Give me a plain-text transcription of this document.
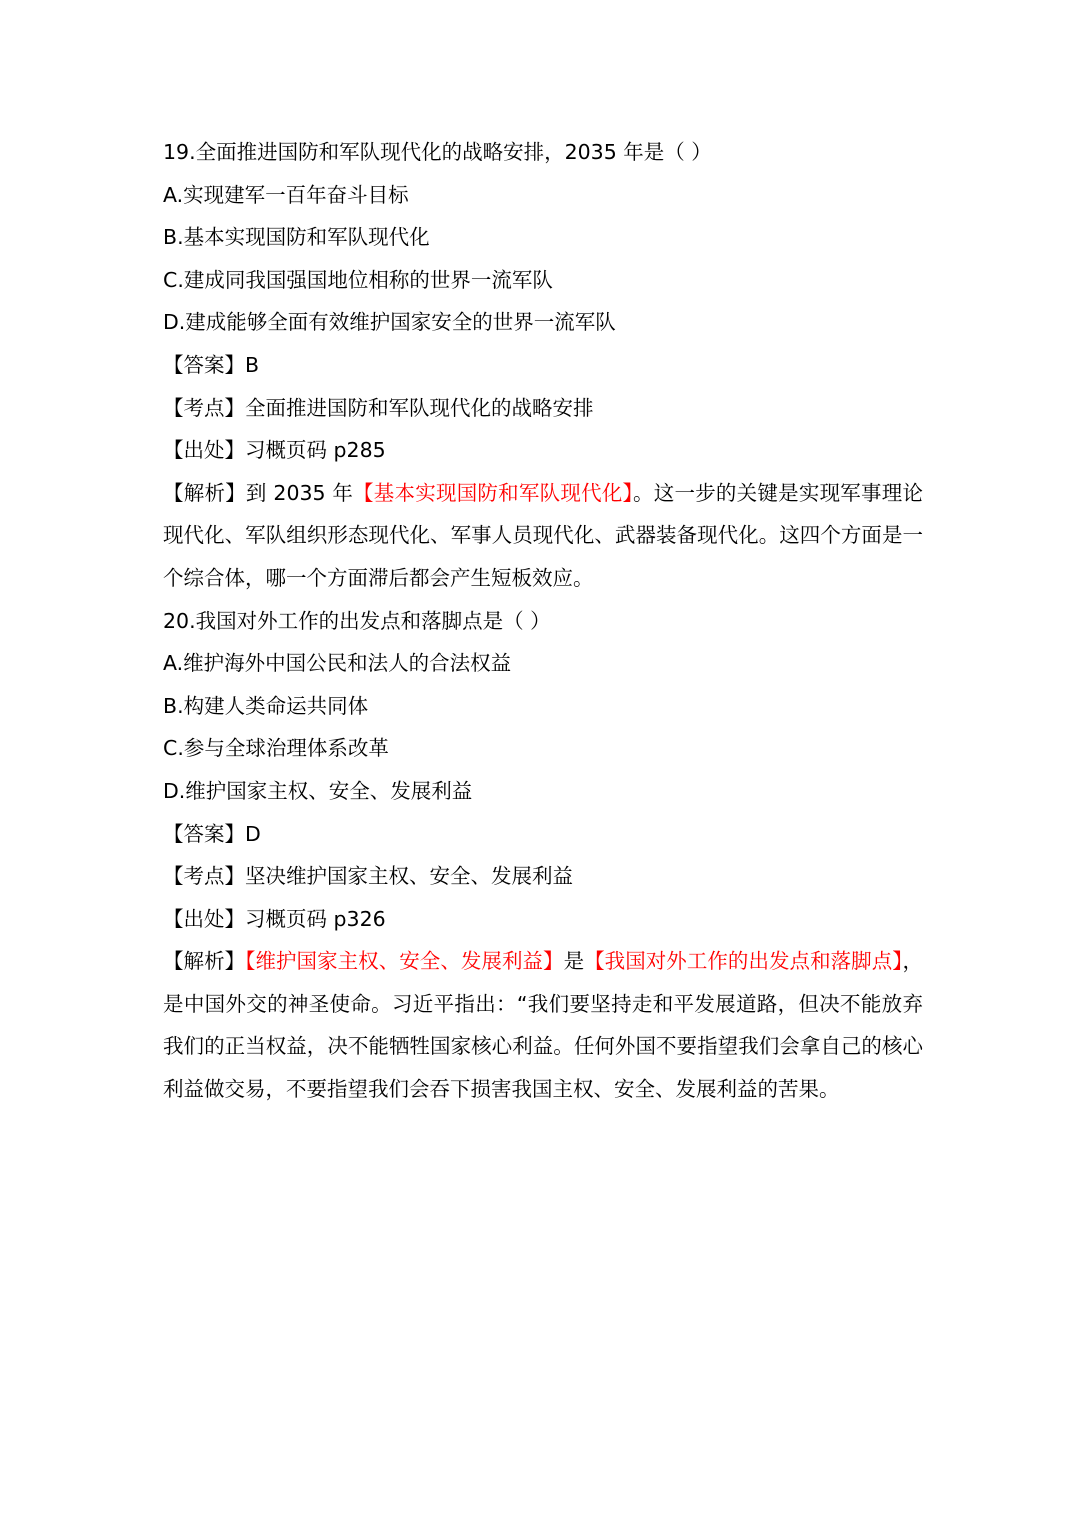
19.全面推进国防和军队现代化的战略安排，2035 年是（ ）
A.实现建军一百年奋斗目标
B.基本实现国防和军队现代化
C.建成同我国强国地位相称的世界一流军队
D.建成能够全面有效维护国家安全的世界一流军队
【答案】B
【考点】全面推进国防和军队现代化的战略安排
【出处】习概页码 p285
【解析】到 2035 年【基本实现国防和军队现代化】。这一步的关键是实现军事理论现代化、军队组织形态现代化、军事人员现代化、武器装备现代化。这四个方面是一个综合体，哪一个方面滞后都会产生短板效应。
20.我国对外工作的出发点和落脚点是（ ）
A.维护海外中国公民和法人的合法权益
B.构建人类命运共同体
C.参与全球治理体系改革
D.维护国家主权、安全、发展利益
【答案】D
【考点】坚决维护国家主权、安全、发展利益
【出处】习概页码 p326
【解析】【维护国家主权、安全、发展利益】是【我国对外工作的出发点和落脚点】，是中国外交的神圣使命。习近平指出：“我们要坚持走和平发展道路，但决不能放弃我们的正当权益，决不能牺牲国家核心利益。任何外国不要指望我们会拿自己的核心利益做交易，不要指望我们会吞下损害我国主权、安全、发展利益的苦果。
